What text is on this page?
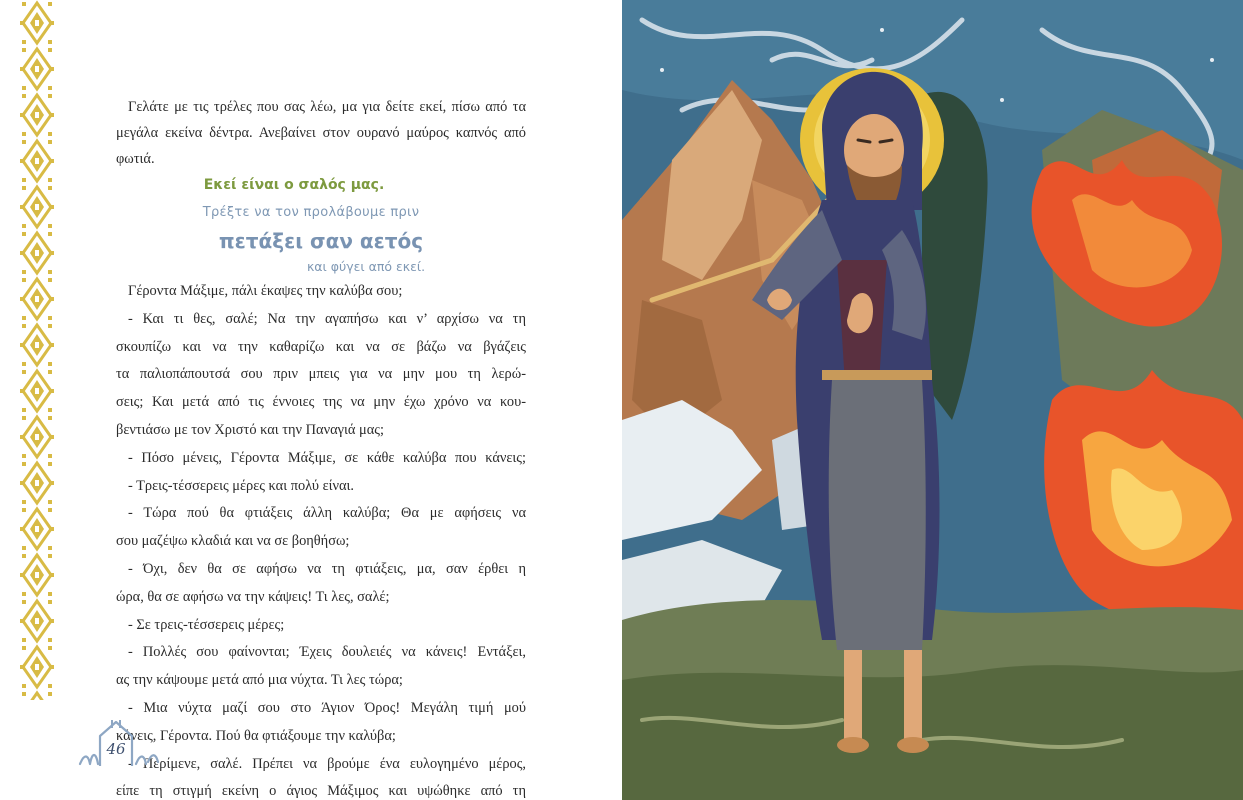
Γελάτε με τις τρέλες που σας λέω, μα για δείτε εκεί, πίσω από τα μεγάλα εκείνα δέντρα. Ανεβαίνει στον ουρανό μαύρος καπνός από φωτιά.

Εκεί είναι ο σαλός μας.
Τρέξτε να τον προλάβουμε πριν
πετάξει σαν αετός
και φύγει από εκεί.
Γέροντα Μάξιμε, πάλι έκαψες την καλύβα σου;
- Και τι θες, σαλέ; Να την αγαπήσω και ν’ αρχίσω να τη
σκουπίζω και να την καθαρίζω και να σε βάζω να βγάζεις
τα παλιοπάπουτσά σου πριν μπεις για να μην μου τη λερώ-
σεις; Και μετά από τις έννοιες της να μην έχω χρόνο να κου-
βεντιάσω με τον Χριστό και την Παναγιά μας;
- Πόσο μένεις, Γέροντα Μάξιμε, σε κάθε καλύβα που κάνεις;
- Τρεις-τέσσερεις μέρες και πολύ είναι.
- Τώρα πού θα φτιάξεις άλλη καλύβα; Θα με αφήσεις να
σου μαζέψω κλαδιά και να σε βοηθήσω;
- Όχι, δεν θα σε αφήσω να τη φτιάξεις, μα, σαν έρθει η
ώρα, θα σε αφήσω να την κάψεις! Τι λες, σαλέ;
- Σε τρεις-τέσσερεις μέρες;
- Πολλές σου φαίνονται; Έχεις δουλειές να κάνεις! Εντάξει,
ας την κάψουμε μετά από μια νύχτα. Τι λες τώρα;
- Μια νύχτα μαζί σου στο Άγιον Όρος! Μεγάλη τιμή μού
κάνεις, Γέροντα. Πού θα φτιάξουμε την καλύβα;
- Περίμενε, σαλέ. Πρέπει να βρούμε ένα ευλογημένο μέρος,
είπε τη στιγμή εκείνη ο άγιος Μάξιμος και υψώθηκε από τη
46
